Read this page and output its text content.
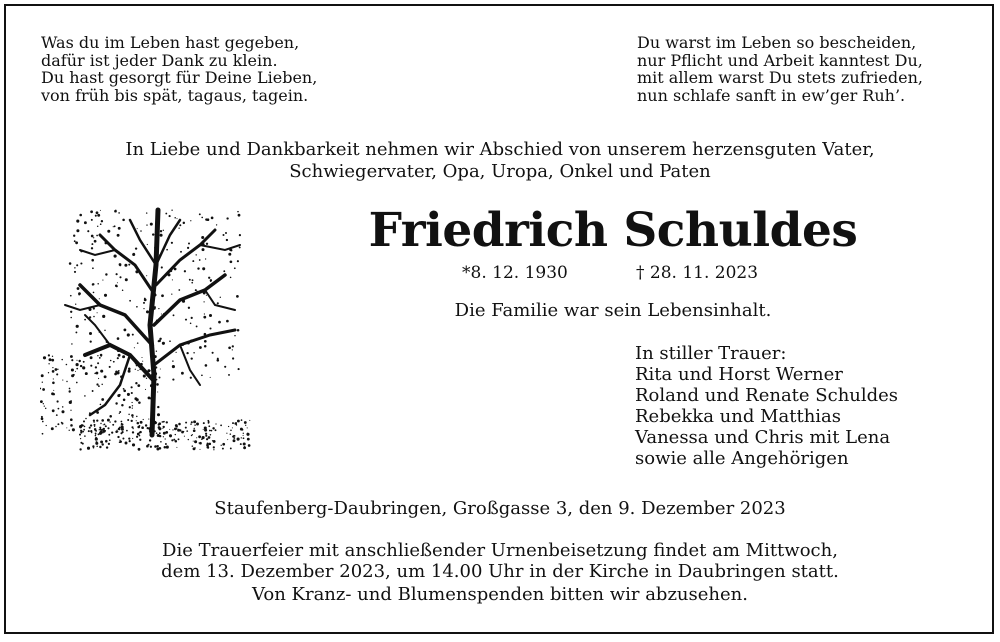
Was du im Leben hast gegeben,
dafür ist jeder Dank zu klein.
Du hast gesorgt für Deine Lieben,
von früh bis spät, tagaus, tagein.
Du warst im Leben so bescheiden,
nur Pflicht und Arbeit kanntest Du,
mit allem warst Du stets zufrieden,
nun schlafe sanft in ew’ger Ruh’.
In Liebe und Dankbarkeit nehmen wir Abschied von unserem herzensguten Vater,
Schwiegervater, Opa, Uropa, Onkel und Paten
Friedrich Schuldes
*8. 12. 1930	† 28. 11. 2023
Die Familie war sein Lebensinhalt.
In stiller Trauer:
Rita und Horst Werner
Roland und Renate Schuldes
Rebekka und Matthias
Vanessa und Chris mit Lena
sowie alle Angehörigen
Staufenberg-Daubringen, Großgasse 3, den 9. Dezember 2023
Die Trauerfeier mit anschließender Urnenbeisetzung findet am Mittwoch,
dem 13. Dezember 2023, um 14.00 Uhr in der Kirche in Daubringen statt.
Von Kranz- und Blumenspenden bitten wir abzusehen.
